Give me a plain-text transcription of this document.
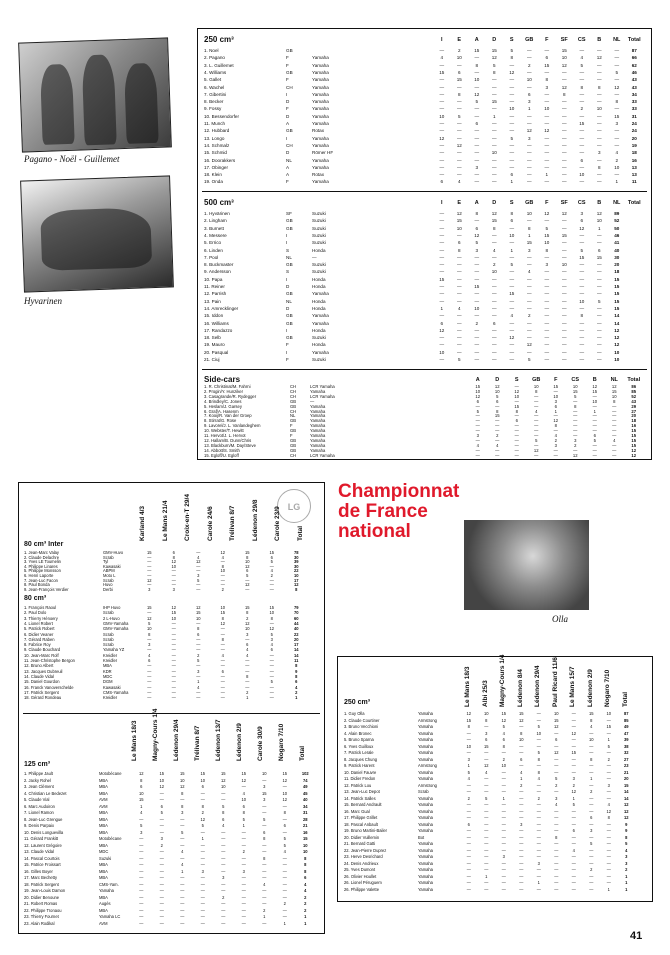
Pagano - Noël - Guillemet
Hyvarinen
250 cm³	I	E	A	D	S	GB	F	SF	CS	B	NL	Total
1. Noel	GB	—	2	15	15	5	—	—	15	—	—	—	87
2. Pagano	F	Yamaha	4	10	—	12	8	—	6	10	4	12	—	66
3. L. Guillemet	F	Yamaha	—	—	8	5	—	2	15	12	5	—	—	62
4. Williams	GB	Yamaha	15	6	—	8	12	—	—	—	—	—	5	46
5. Gallet	F	Yamaha	—	15	10	—	—	10	8	—	—	—	—	43
6. Wachel	CH	Yamaha	—	—	—	—	—	—	3	12	8	8	12	43
7. Gibertini	I	Yamaha	—	8	12	—	—	6	—	8	—	—	—	34
8. Becker	D	Yamaha	—	—	5	15	—	3	—	—	—	—	8	33
9. Fossy	F	Yamaha	—	—	—	—	10	1	10	—	2	10	—	33
10. Bessendorfer	D	Yamaha	10	5	—	1	—	—	—	—	—	—	15	31
11. Munch	A	Yamaha	—	—	6	—	—	—	—	—	15	—	3	24
12. Hubbard	GB	Rotax	—	—	—	—	—	12	12	—	—	—	—	24
13. Longo	I	Yamaha	12	—	—	—	5	3	—	—	—	—	—	20
14. Schmalz	CH	Yamaha	—	12	—	—	—	—	—	—	—	—	—	19
15. Schmid	D	Römer HF	—	—	—	10	—	—	—	—	—	3	4	18
16. Doorakkers	NL	Yamaha	—	—	—	—	—	—	—	—	6	—	2	16
17. Obinger	A	Yamaha	—	—	3	—	—	—	—	—	—	8	10	13
18. Klein	A	Rotax	—	—	—	—	6	—	1	—	10	—	—	13
19. Onda	F	Yamaha	6	4	—	—	1	—	—	—	—	—	1	11
500 cm³	I	E	A	D	S	GB	F	SF	CS	B	NL	Total
1. Hyvärinen	SF	Suzuki	—	12	8	12	8	10	12	12	3	12	89
2. Lingham	GB	Suzuki	—	15	—	15	6	—	—	—	6	10	52
3. Burnett	GB	Suzuki	—	10	6	8	—	8	5	—	12	1	50
4. Messere	I	Suzuki	—	—	12	—	10	1	15	15	—	—	46
5. Errico	I	Suzuki	—	6	5	—	—	15	10	—	—	—	41
6. Linden	S	Honda	—	8	3	4	1	3	8	—	5	6	40
7. Pool	NL	—	—	—	—	—	—	—	—	—	15	15	30
8. Buckmaster	GB	Suzuki	—	—	—	2	5	—	3	10	—	—	20
9. Andersson	S	Suzuki	—	—	—	10	—	4	—	—	—	—	18
10. Papa	I	Honda	15	—	—	—	—	—	—	—	—	—	15
11. Reiner	D	Honda	—	—	15	—	—	—	—	—	—	—	15
12. Parrish	GB	Yamaha	—	—	—	—	15	—	—	—	—	—	15
13. Pain	NL	Honda	—	—	—	—	—	—	—	—	10	5	15
14. Amrecklinger	D	Honda	1	4	10	—	—	—	—	—	—	—	15
15. Iddon	GB	Yamaha	—	—	—	—	4	2	—	—	8	—	14
16. Williams	GB	Yamaha	6	—	2	6	—	—	—	—	—	—	14
17. Randazzo	I	Honda	12	—	—	—	—	—	—	—	—	—	12
18. Selb	GB	Suzuki	—	—	—	—	12	—	—	—	—	—	12
19. Mauro	F	Honda	—	—	—	—	—	12	—	—	—	—	12
20. Pasqual	I	Yamaha	10	—	—	—	—	—	—	—	—	—	10
21. Ciuj	F	Suzuki	—	5	—	—	—	5	—	—	—	—	10
Side-cars	A	D	S	GB	F	CS	B	NL	Total
1. R. Christinat/M. Fahrni	CH	LCR Yamaha	15	12	—	10	15	10	12	12	86
2. Progin/Y. Hunziker	CH	Yamaha	10	10	12	8	—	15	15	15	85
3. Casagrande/R. Rydegger	CH	LCR Yamaha	12	5	10	—	10	5	—	10	52
4. Brindley/C. Jones	GB	—	6	6	—	—	3	—	10	8	43
5. Heslam/J. Garsey	GB	Yamaha	—	—	15	—	6	8	—	—	29
6. Graf/A. Hasenm	CH	Yamaha	5	8	8	4	1	—	1	—	27
7. Kooij/R. Van der Groep	NL	Yamaha	—	15	—	—	—	—	—	—	20
8. Stirrat/G. Rose	GB	Yamaha	—	—	6	—	12	—	—	—	18
9. Lavorel/J. L. Vanlandeghem	F	Yamaha	—	—	—	—	8	—	—	—	16
10. Webster/T. Hewitt	GB	Yamaha	—	—	—	—	—	—	—	—	15
11. Hervot/J. L. Hervot	F	Yamaha	3	2	—	—	4	—	6	—	15
12. Hallam/B. Dunn/Chris	GB	Yamaha	—	—	—	5	2	3	5	4	15
13. Blackburn/M. Day/Steve	GB	Yamaha	4	4	—	—	3	2	—	—	15
14. Abbott/S. Smith	GB	Yamaha	—	—	—	12	—	—	—	—	12
15. Egloff/U. Egloff	CH	LCR Yamaha	—	—	—	—	—	12	—	—	12
LG
80 cm³ Inter
Karland 4/3 Le Mans 21/4 Croix-en-T 29/4 Carole 24/6 Trélivan 8/7 Lédenon 29/8 Carole 23/9 Total
1. Jean-Marc Valay	GMV-Huvo	15	6	—	12	15	15	78
2. Claude Delachre	Scrab	—	8	4	4	8	6	30
3. Yves LE Toumelin	Tyl	—	12	12	—	10	5	39
4. Philippe Linares	Kawasaki	—	10	—	8	12	—	30
5. Philippe Monsson	ABPM	—	—	—	10	6	4	22
6. Henri Laporte	Moto L	—	—	3	—	5	2	10
7. Jean-Luc Facon	Scrab	12	—	5	—	—	—	17
8. Paul Bonda	Huvo	—	—	—	—	12	—	12
9. Jean-François Verdier	Derbi	3	3	—	2	—	—	8
80 cm³
1. François Raoul	IHP Huvo	15	12	12	10	15	15	79
2. Paul Dolo	Scrab	—	15	15	15	8	10	70
3. Thierry Hénoery	2 L-Huvo	12	10	10	8	2	8	60
4. Lionel Robert	GMV-Yamaha	5	—	—	12	12	—	44
5. Patrick Robert	GMV-Yamaha	10	—	8	—	10	12	40
6. Didier Veaner	Scrab	8	—	6	—	3	5	22
7. Gérard Raben	Scrab	—	—	—	8	—	3	20
8. Fabrice Roy	Scrab	3	—	—	—	6	4	17
9. Claude Bouchard	Yamaha YZ	—	—	—	—	4	6	14
10. Jean-Marc Rolf	Kreidler	4	—	2	4	4	—	14
11. Jean-Christophe Bergon	Kreidler	6	—	5	—	—	—	11
12. Bruno Albert	MBA	—	—	—	—	—	—	8
13. Jacques Dubreuil	KDR	—	—	3	6	—	—	9
14. Claude Vidal	MDC	—	—	—	—	8	—	8
15. Daniel Gourdon	DGM	—	—	1	—	—	5	6
16. Franck Vanoverschelde	Kawasaki	—	—	4	—	—	—	4
17. Patrick Sergent	CMS-Yamaha	—	—	—	—	2	—	2
18. Gérard Rondeau	Kreidler	—	—	—	—	1	—	1
125 cm³
Le Mans 18/3 Magny-Cours 1/4 Lédenon 29/4 Trélivan 8/7 Lédenon 13/7 Lédenon 2/9 Carole 30/9 Nogaro 7/10 Total
1. Philippe Jault	Motobécane	12	15	15	15	15	15	10	15	102
2. Jacky Rohel	MBA	8	10	10	10	12	12	—	12	74
3. Jean Clément	MBA	6	12	12	6	10	—	3	—	49
4. Christian Le Bedezet	MBA	10	—	8	—	—	4	15	10	45
5. Claude Vial	AVM	15	—	—	—	—	10	3	12	40
6. Marc Audoiron	AVM	1	6	8	8	5	6	—	—	34
7. Lionel Ramon	MBA	4	5	3	2	8	8	—	8	31
8. Jean-Luc Grengue	MBA	—	—	—	12	6	5	5	—	28
9. Denis Parpaix	MBA	5	—	—	5	4	1	—	6	21
10. Denis Longuevilla	MBA	3	—	5	—	—	—	6	—	16
11. Gérard Frankitt	Motobécane	—	3	—	1	—	—	8	5	15
12. Laurent Grégoire	MBA	—	2	—	—	—	—	—	5	10
13. Claude Vidal	MDC	—	—	4	—	—	2	—	4	10
14. Pascal Courtois	Suzuki	—	—	—	—	—	—	8	—	8
15. Patrice Froissart	MBA	—	—	4	—	—	—	—	—	8
16. Gilles Boyer	MBA	—	—	1	3	—	3	—	—	8
17. Marc Bechetty	MBA	—	—	—	—	3	—	—	—	6
18. Patrick Sergent	CMS-Yam.	—	—	—	—	—	—	4	—	4
19. Jean-Louis Damon	Yamaha	—	—	—	—	—	—	—	—	4
20. Didier Benoune	MBA	—	—	—	—	2	—	—	—	2
21. Robert Romas	Augés	—	—	—	—	—	—	—	2	2
22. Philippe Tronaou	MBA	—	—	—	—	—	—	2	—	2
23. Thierry Fournet	Yamaha LC	—	—	—	—	—	—	1	—	1
23. Alain Rodikal	AVM	—	—	—	—	—	—	—	1	1
Championnat
de France
national
Olla
250 cm³	Le Mans 18/3 Albi 25/3 Magny-Cours 1/4 Lédenon 8/4 Lédenon 29/4 Paul Ricard 11/6 Le Mans 15/7 Lédenon 2/9 Nogaro 7/10 Total
1. Guy Olla	Yamaha	12	10	15	15	—	10	—	15	10	87
2. Claude Courtiner	Armstrong	15	8	12	12	—	15	—	8	—	85
3. Bruno Vecchioni	Yamaha	8	—	5	—	5	12	—	4	15	49
4. Alain Bronec	Yamaha	—	3	4	8	10	—	12	—	—	47
5. Bruno Sparna	Yamaha	—	6	6	10	—	6	—	10	1	39
6. Yves Guilloux	Yamaha	10	15	8	—	—	—	—	—	5	38
7. Patrick Lerale	Yamaha	—	—	—	—	5	12	15	—	—	32
8. Jacques Chung	Yamaha	3	—	2	6	8	—	—	8	2	27
9. Patrick Harent	Armstrong	1	12	10	—	—	—	—	—	—	23
10. Daniel Fauvre	Yamaha	5	4	—	4	8	—	—	—	—	21
11. Didier Fredon	Yamaha	4	—	—	1	4	5	3	1	—	20
12. Patrick Lou	Armstrong	—	—	—	2	—	2	2	—	3	15
13. Jean-Luc Depot	Scrab	—	—	—	—	—	—	12	2	—	14
14. Patrick Salles	Yamaha	2	5	1	—	2	3	1	—	—	14
15. Bernard Andrault	Yamaha	—	—	—	—	—	4	5	—	4	12
16. Marc Gual	Yamaha	—	—	—	—	—	—	—	—	12	12
17. Philippe Grillet	Yamaha	—	—	—	—	—	—	—	6	8	12
18. Pascal Anbault	Yamaha	6	—	—	3	—	—	—	—	—	9
19. Bruno Martini-Bailer	Yamaha	—	—	—	—	—	—	6	3	—	9
20. Didier Vuillemin	Bot	—	—	—	—	—	8	—	—	—	8
21. Bernard Gatti	Yamaha	—	—	—	—	—	—	—	5	—	5
22. Jean-Pierre Duprez	Yamaha	—	—	—	—	—	—	4	—	—	4
23. Herve Desrichard	Yamaha	—	—	3	—	—	—	—	—	—	3
24. Denis Andrieux	Yamaha	—	—	—	—	3	—	—	—	—	3
25. Yves Dumont	Yamaha	—	—	—	—	—	—	—	2	—	2
26. Olivier Houllet	Yamaha	—	1	—	—	—	—	—	—	—	1
26. Lionel Péruguem	Yamaha	—	—	—	—	1	—	—	—	—	1
26. Philippe Valette	Yamaha	—	—	—	—	—	—	—	—	1	1
41
